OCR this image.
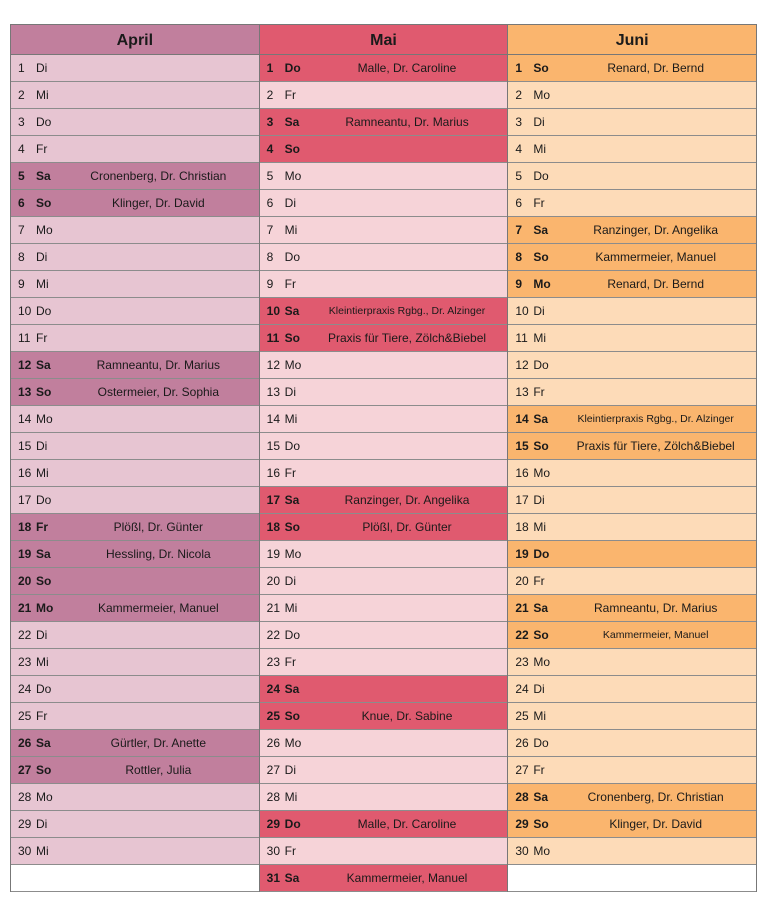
April
1 Di
2 Mi
3 Do
4 Fr
5 Sa	Cronenberg, Dr. Christian
6 So	Klinger, Dr. David
7 Mo
8 Di
9 Mi
10 Do
11 Fr
12 Sa	Ramneantu, Dr. Marius
13 So	Ostermeier, Dr. Sophia
14 Mo
15 Di
16 Mi
17 Do
18 Fr	Plößl, Dr. Günter
19 Sa	Hessling, Dr. Nicola
20 So
21 Mo	Kammermeier, Manuel
22 Di
23 Mi
24 Do
25 Fr
26 Sa	Gürtler, Dr. Anette
27 So	Rottler, Julia
28 Mo
29 Di
30 Mi
Mai
1 Do	Malle, Dr. Caroline
2 Fr
3 Sa	Ramneantu, Dr. Marius
4 So
5 Mo
6 Di
7 Mi
8 Do
9 Fr
10 Sa	Kleintierpraxis Rgbg., Dr. Alzinger
11 So	Praxis für Tiere, Zölch&Biebel
12 Mo
13 Di
14 Mi
15 Do
16 Fr
17 Sa	Ranzinger, Dr. Angelika
18 So	Plößl, Dr. Günter
19 Mo
20 Di
21 Mi
22 Do
23 Fr
24 Sa
25 So	Knue, Dr. Sabine
26 Mo
27 Di
28 Mi
29 Do	Malle, Dr. Caroline
30 Fr
31 Sa	Kammermeier, Manuel
Juni
1 So	Renard, Dr. Bernd
2 Mo
3 Di
4 Mi
5 Do
6 Fr
7 Sa	Ranzinger, Dr. Angelika
8 So	Kammermeier, Manuel
9 Mo	Renard, Dr. Bernd
10 Di
11 Mi
12 Do
13 Fr
14 Sa	Kleintierpraxis Rgbg., Dr. Alzinger
15 So	Praxis für Tiere, Zölch&Biebel
16 Mo
17 Di
18 Mi
19 Do
20 Fr
21 Sa	Ramneantu, Dr. Marius
22 So	Kammermeier, Manuel
23 Mo
24 Di
25 Mi
26 Do
27 Fr
28 Sa	Cronenberg, Dr. Christian
29 So	Klinger, Dr. David
30 Mo
